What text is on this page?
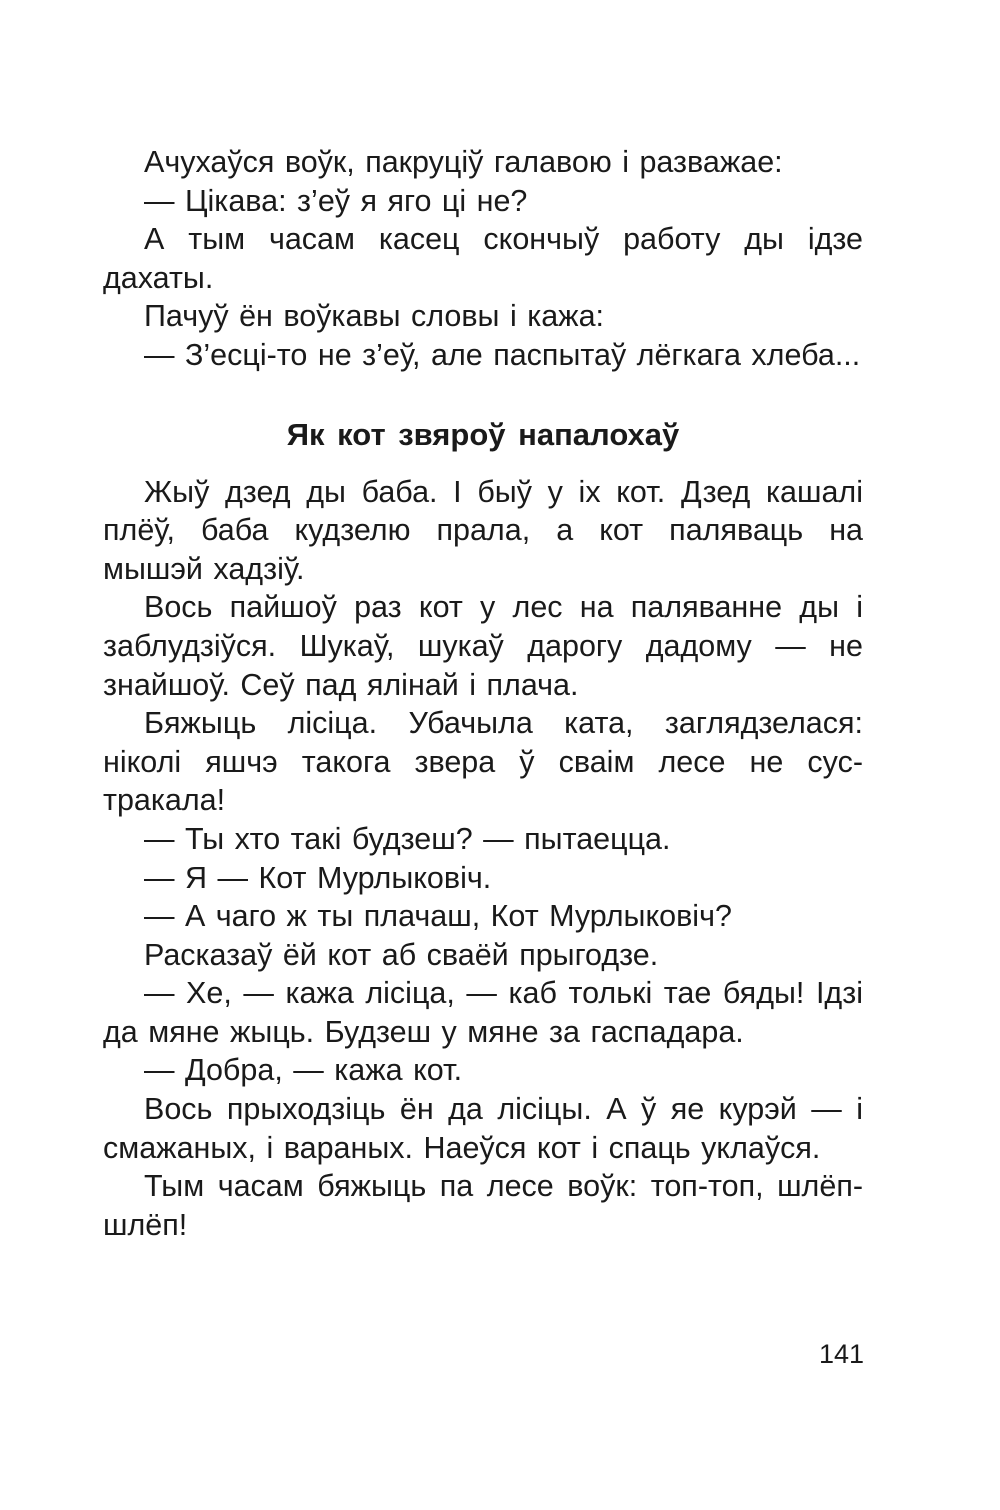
Ачухаўся воўк, пакруціў галавою і разважае:

— Цікава: з’еў я яго ці не?

А тым часам касец скончыў работу ды ідзе дахаты.

Пачуў ён воўкавы словы і кажа:

— З’есці-то не з’еў, але паспытаў лёгкага хлеба...

Як кот звяроў напалохаў

Жыў дзед ды баба. І быў у іх кот. Дзед кашалі плёў, баба кудзелю прала, а кот паляваць на мышэй хадзіў.

Вось пайшоў раз кот у лес на паляванне ды і заблудзіўся. Шукаў, шукаў дарогу дадому — не знайшоў. Сеў пад ялінай і плача.

Бяжыць лісіца. Убачыла ката, заглядзелася: ніколі яшчэ такога звера ў сваім лесе не сустракала!

— Ты хто такі будзеш? — пытаецца.

— Я — Кот Мурлыковіч.

— А чаго ж ты плачаш, Кот Мурлыковіч?

Расказаў ёй кот аб сваёй прыгодзе.

— Хе, — кажа лісіца, — каб толькі тае бяды! Ідзі да мяне жыць. Будзеш у мяне за гаспадара.

— Добра, — кажа кот.

Вось прыходзіць ён да лісіцы. А ў яе курэй — і смажаных, і вараных. Наеўся кот і спаць уклаўся.

Тым часам бяжыць па лесе воўк: топ-топ, шлёп-шлёп!

141
